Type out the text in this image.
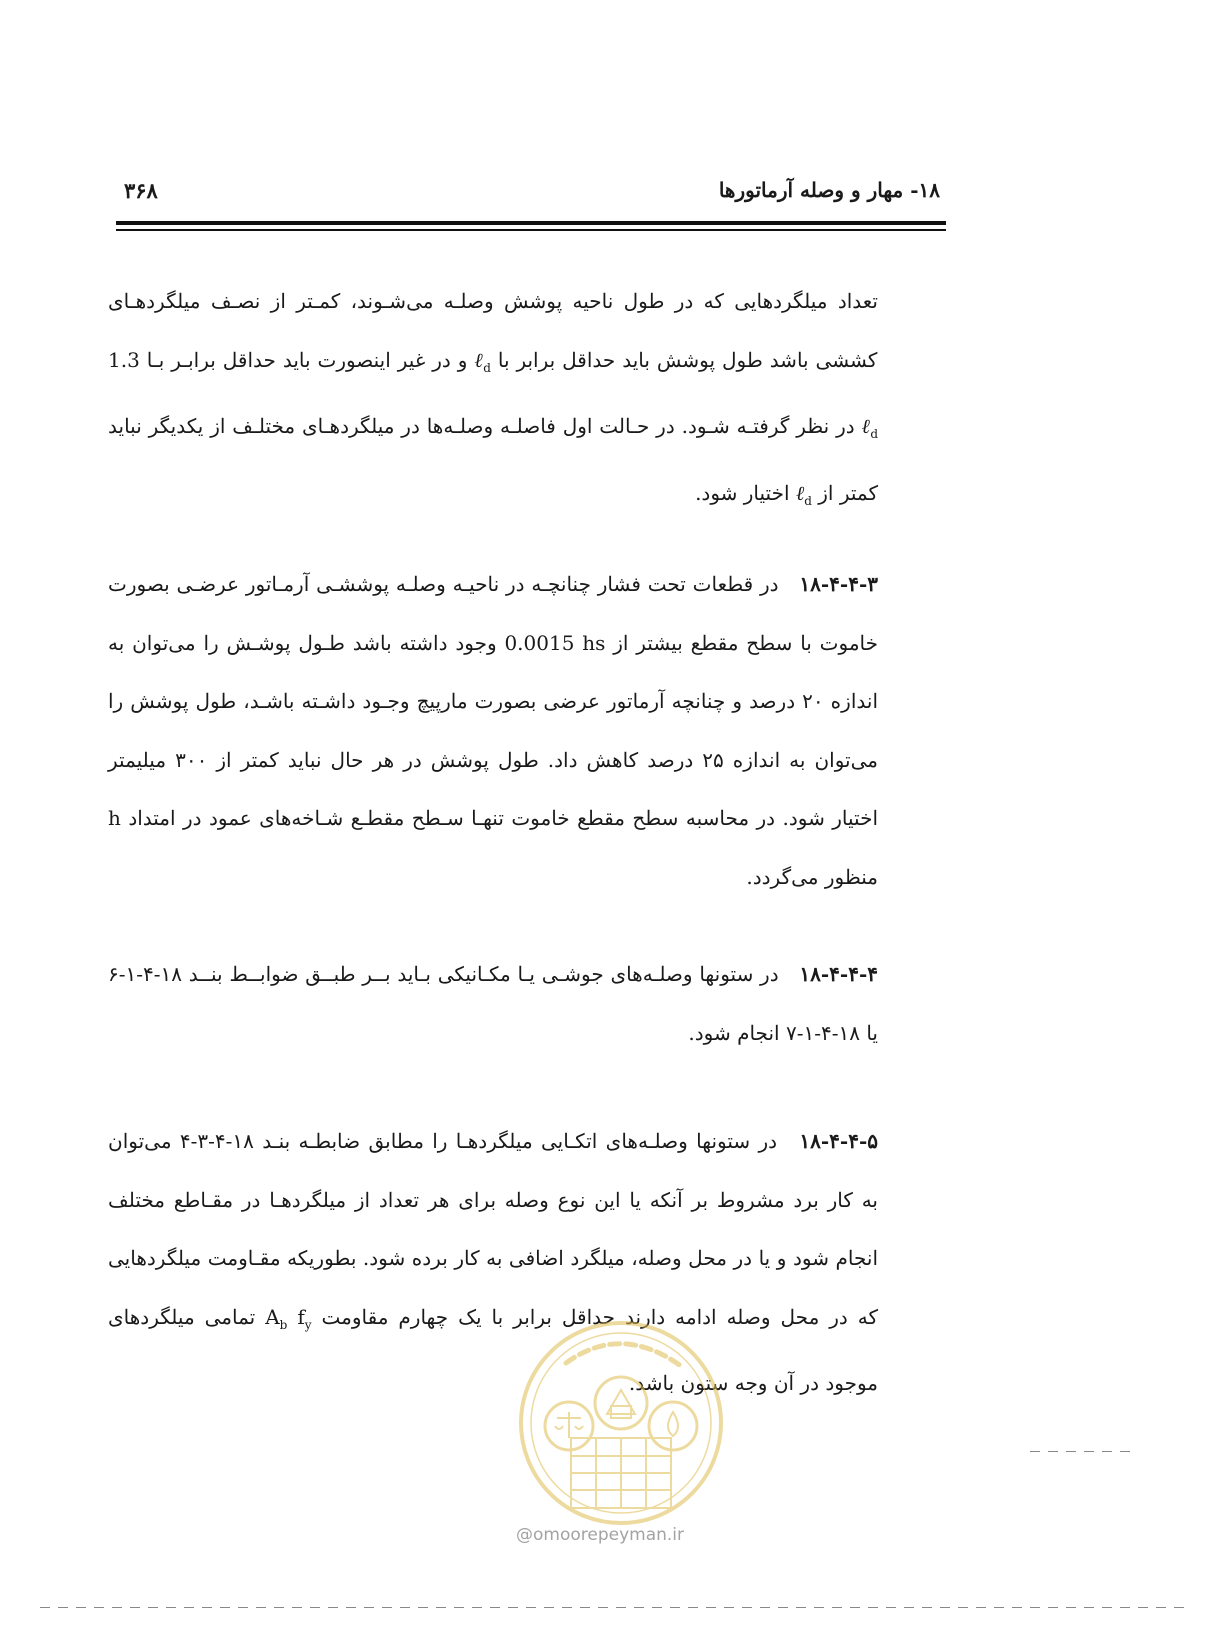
۳۶۸	۱۸- مهار و وصله آرماتورها

تعداد میلگردهایی که در طول ناحیه پوشش وصلـه می‌شـوند، کمـتر از نصـف میلگردهـای کششی باشد طول پوشش باید حداقل برابر با ℓ$_d$ و در غیر اینصورت باید حداقل برابـر بـا 1.3 ℓ$_d$ در نظر گرفتـه شـود. در حـالت اول فاصلـه وصلـه‌ها در میلگردهـای مختلـف از یکدیگر نباید کمتر از ℓ$_d$ اختیار شود.

۱۸-۴-۴-۳ در قطعات تحت فشار چنانچـه در ناحیـه وصلـه پوششـی آرمـاتور عرضـی بصورت خاموت با سطح مقطع بیشتر از 0.0015 hs وجود داشته باشد طـول پوشـش را می‌توان به اندازه ۲۰ درصد و چنانچه آرماتور عرضی بصورت مارپیچ وجـود داشـته باشـد، طول پوشش را می‌توان به اندازه ۲۵ درصد کاهش داد. طول پوشش در هر حال نباید کمتر از ۳۰۰ میلیمتر اختیار شود. در محاسبه سطح مقطع خاموت تنهـا سـطح مقطـع شـاخه‌های عمود در امتداد h منظور می‌گردد.

۱۸-۴-۴-۴ در ستونها وصلـه‌های جوشـی یـا مکـانیکی بـاید بــر طبــق ضوابــط بنــد ۱۸-۴-۱-۶ یا ۱۸-۴-۱-۷ انجام شود.

۱۸-۴-۴-۵ در ستونها وصلـه‌های اتکـایی میلگردهـا را مطابق ضابطـه بنـد ۱۸-۴-۳-۴ می‌توان به کار برد مشروط بر آنکه یا این نوع وصله برای هر تعداد از میلگردهـا در مقـاطع مختلف انجام شود و یا در محل وصله، میلگرد اضافی به کار برده شود. بطوریکه مقـاومت میلگردهایی که در محل وصله ادامه دارند حداقل برابر با یک چهارم مقاومت $A_b$ $f_y$ تمامی میلگردهای موجود در آن وجه ستون باشد.

@omoorepeyman.ir
